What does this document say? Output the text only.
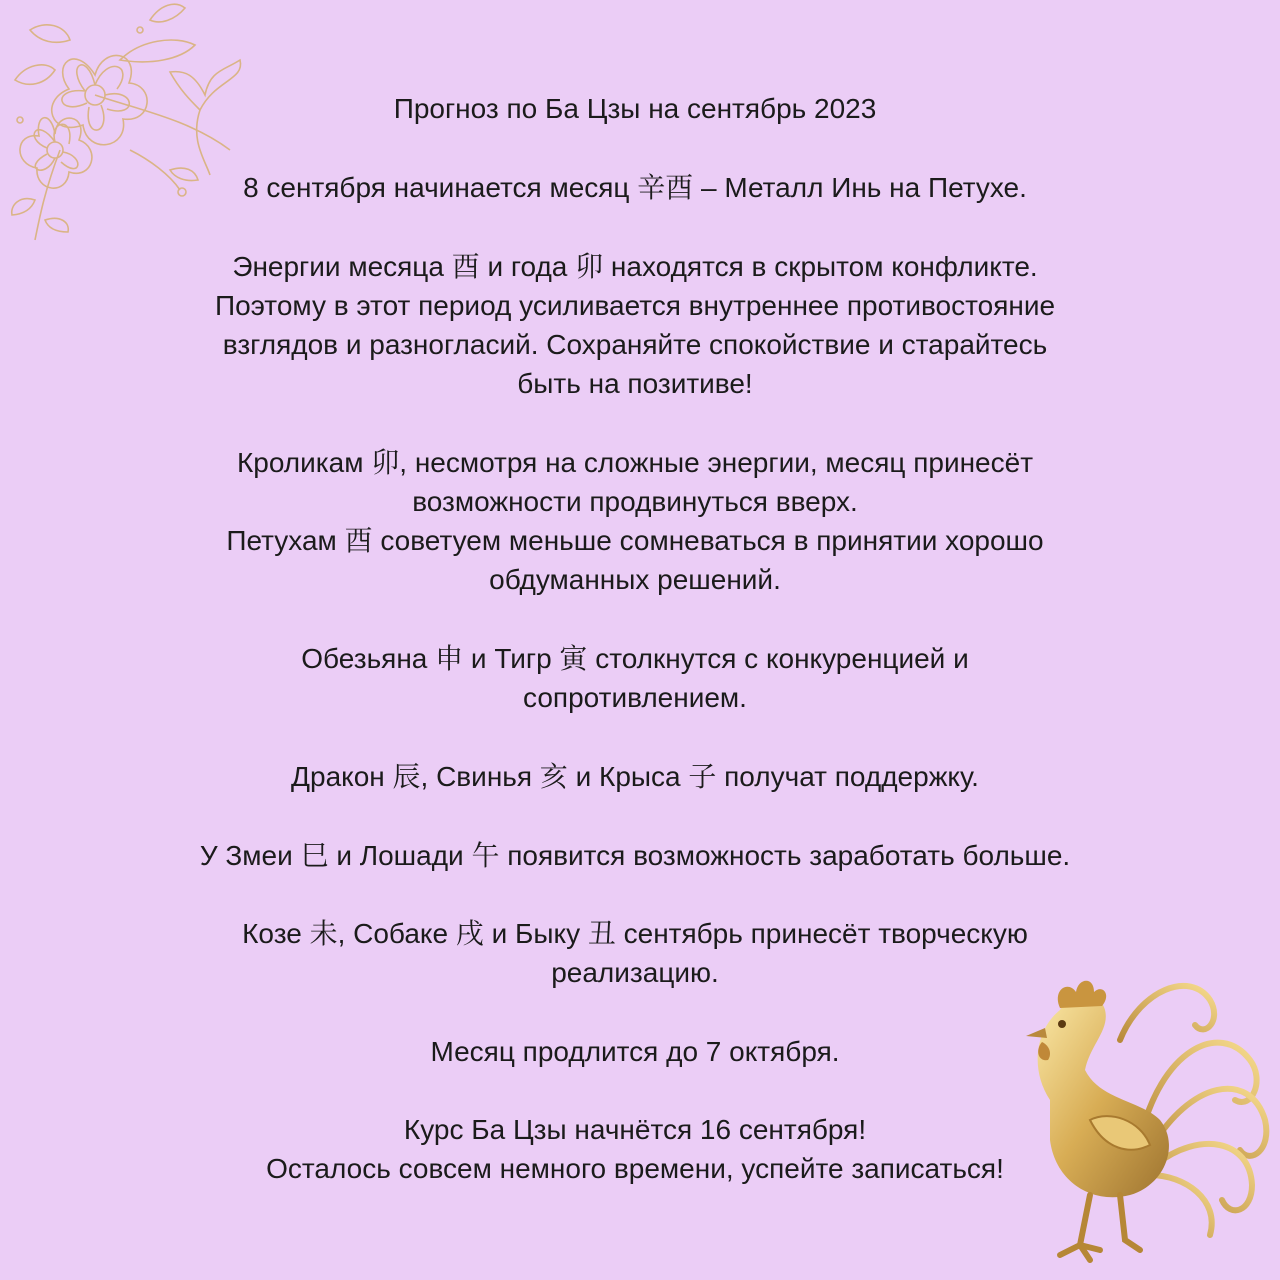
Прогноз по Ба Цзы на сентябрь 2023
8 сентября начинается месяц 辛酉 – Металл Инь на Петухе.
Энергии месяца 酉 и года 卯 находятся в скрытом конфликте.
Поэтому в этот период усиливается внутреннее противостояние
взглядов и разногласий. Сохраняйте спокойствие и старайтесь
быть на позитиве!
Кроликам 卯, несмотря на сложные энергии, месяц принесёт
возможности продвинуться вверх.
Петухам 酉 советуем меньше сомневаться в принятии хорошо
обдуманных решений.
Обезьяна 申 и Тигр 寅 столкнутся с конкуренцией и
сопротивлением.
Дракон 辰, Свинья 亥 и Крыса 子 получат поддержку.
У Змеи 巳 и Лошади 午 появится возможность заработать больше.
Козе 未, Собаке 戌 и Быку 丑 сентябрь принесёт творческую
реализацию.
Месяц продлится до 7 октября.
Курс Ба Цзы начнётся 16 сентября!
Осталось совсем немного времени, успейте записаться!
